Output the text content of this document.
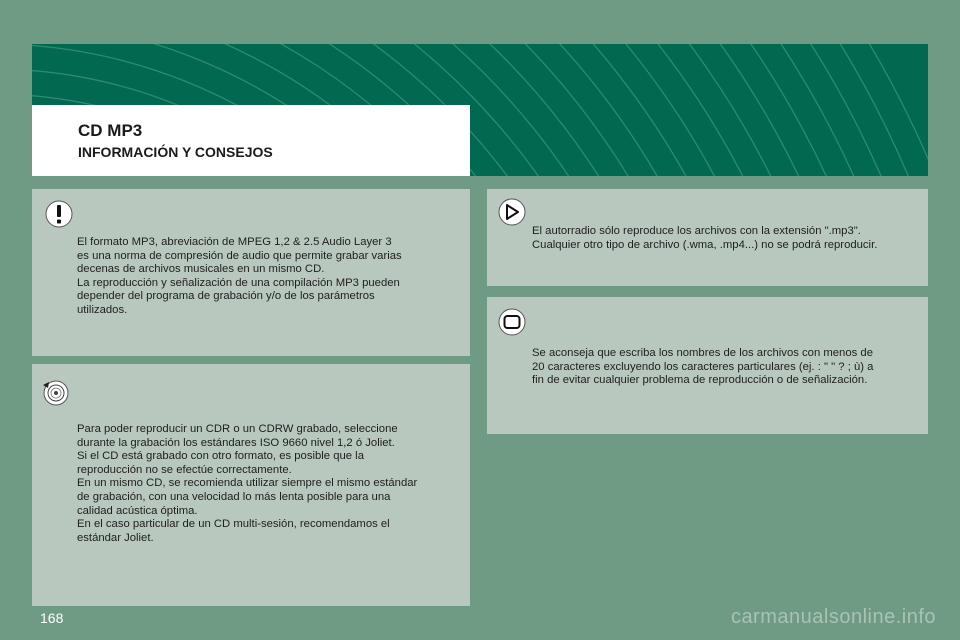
CD MP3
INFORMACIÓN Y CONSEJOS

El formato MP3, abreviación de MPEG 1,2 & 2.5 Audio Layer 3
es una norma de compresión de audio que permite grabar varias
decenas de archivos musicales en un mismo CD.
La reproducción y señalización de una compilación MP3 pueden
depender del programa de grabación y/o de los parámetros
utilizados.

Para poder reproducir un CDR o un CDRW grabado, seleccione
durante la grabación los estándares ISO 9660 nivel 1,2 ó Joliet.
Si el CD está grabado con otro formato, es posible que la
reproducción no se efectúe correctamente.
En un mismo CD, se recomienda utilizar siempre el mismo estándar
de grabación, con una velocidad lo más lenta posible para una
calidad acústica óptima.
En el caso particular de un CD multi-sesión, recomendamos el
estándar Joliet.

El autorradio sólo reproduce los archivos con la extensión ".mp3".
Cualquier otro tipo de archivo (.wma, .mp4...) no se podrá reproducir.

Se aconseja que escriba los nombres de los archivos con menos de
20 caracteres excluyendo los caracteres particulares (ej. : " " ? ; ù) a
fin de evitar cualquier problema de reproducción o de señalización.

168	carmanualsonline.info
